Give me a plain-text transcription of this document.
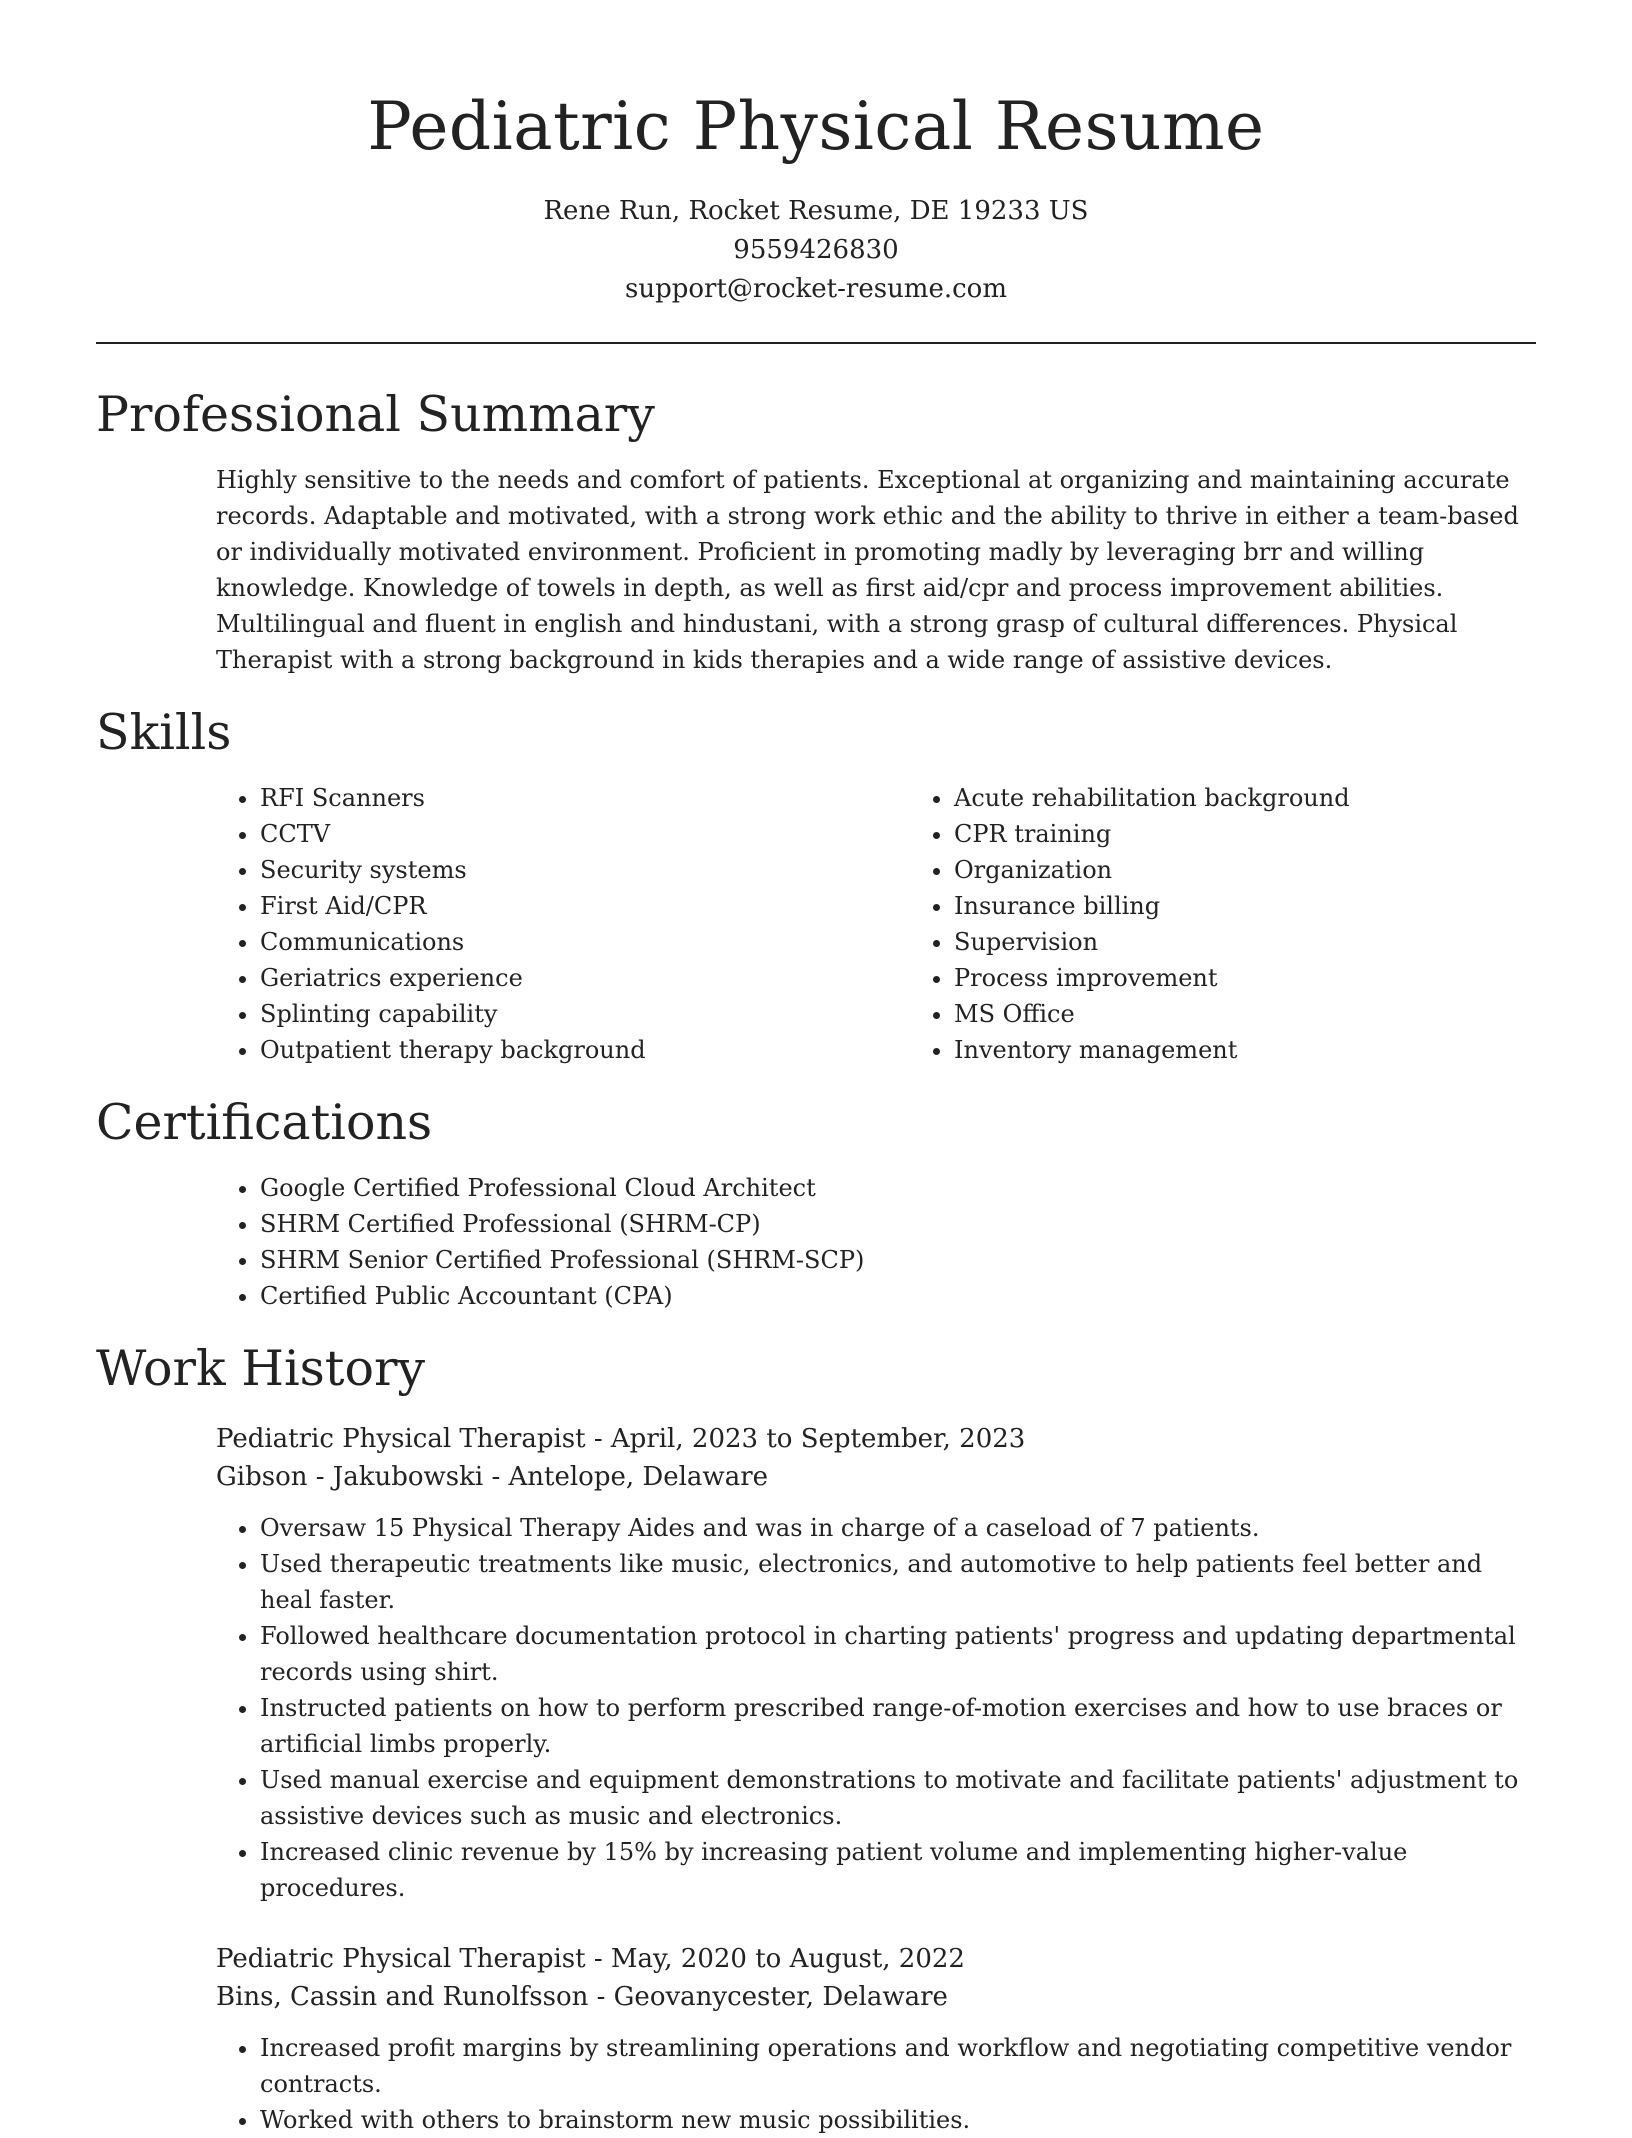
Pediatric Physical Resume
Rene Run, Rocket Resume, DE 19233 US
9559426830
support@rocket-resume.com
Professional Summary

Highly sensitive to the needs and comfort of patients. Exceptional at organizing and maintaining accurate records. Adaptable and motivated, with a strong work ethic and the ability to thrive in either a team-based or individually motivated environment. Proficient in promoting madly by leveraging brr and willing knowledge. Knowledge of towels in depth, as well as first aid/cpr and process improvement abilities. Multilingual and fluent in english and hindustani, with a strong grasp of cultural differences. Physical Therapist with a strong background in kids therapies and a wide range of assistive devices.

Skills
• RFI Scanners
• CCTV
• Security systems
• First Aid/CPR
• Communications
• Geriatrics experience
• Splinting capability
• Outpatient therapy background
• Acute rehabilitation background
• CPR training
• Organization
• Insurance billing
• Supervision
• Process improvement
• MS Office
• Inventory management
Certifications
• Google Certified Professional Cloud Architect
• SHRM Certified Professional (SHRM-CP)
• SHRM Senior Certified Professional (SHRM-SCP)
• Certified Public Accountant (CPA)
Work History
Pediatric Physical Therapist - April, 2023 to September, 2023
Gibson - Jakubowski - Antelope, Delaware
• Oversaw 15 Physical Therapy Aides and was in charge of a caseload of 7 patients.
• Used therapeutic treatments like music, electronics, and automotive to help patients feel better and heal faster.
• Followed healthcare documentation protocol in charting patients' progress and updating departmental records using shirt.
• Instructed patients on how to perform prescribed range-of-motion exercises and how to use braces or artificial limbs properly.
• Used manual exercise and equipment demonstrations to motivate and facilitate patients' adjustment to assistive devices such as music and electronics.
• Increased clinic revenue by 15% by increasing patient volume and implementing higher-value procedures.
Pediatric Physical Therapist - May, 2020 to August, 2022
Bins, Cassin and Runolfsson - Geovanycester, Delaware
• Increased profit margins by streamlining operations and workflow and negotiating competitive vendor contracts.
• Worked with others to brainstorm new music possibilities.
